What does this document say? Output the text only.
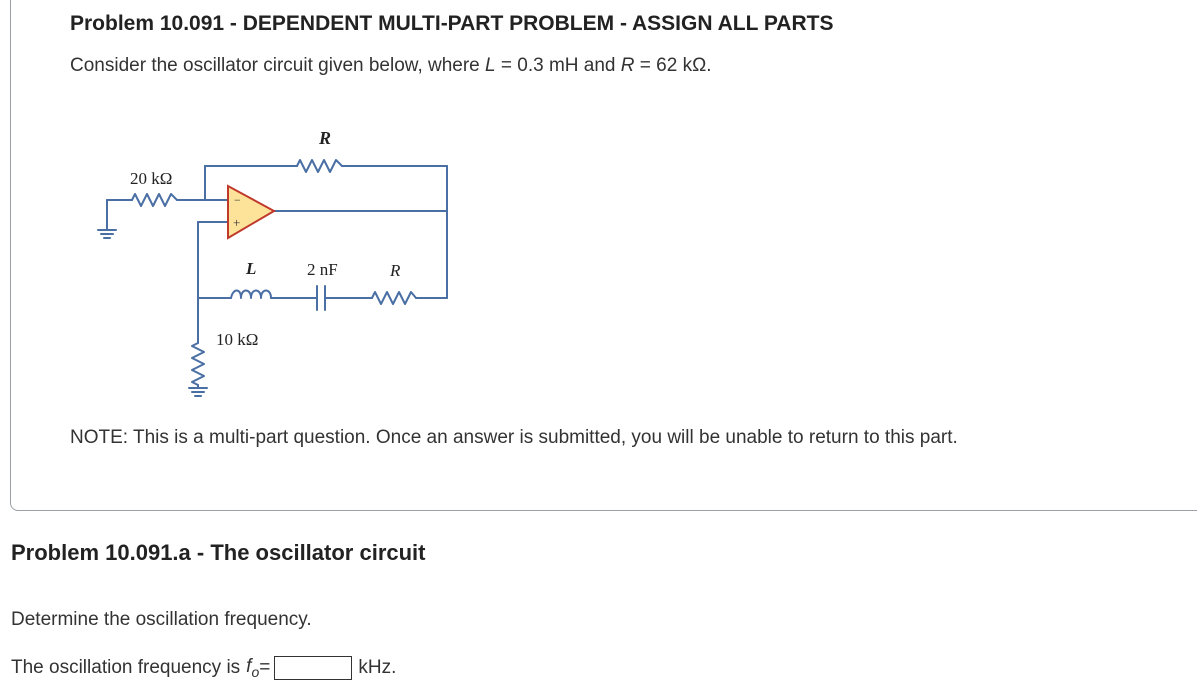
Problem 10.091 - DEPENDENT MULTI-PART PROBLEM - ASSIGN ALL PARTS
Consider the oscillator circuit given below, where L = 0.3 mH and R = 62 kΩ.
−
+
R
20 kΩ
L	2 nF	R
10 kΩ
NOTE: This is a multi-part question. Once an answer is submitted, you will be unable to return to this part.
Problem 10.091.a - The oscillator circuit
Determine the oscillation frequency.
The oscillation frequency is $f_o$ =	kHz.
